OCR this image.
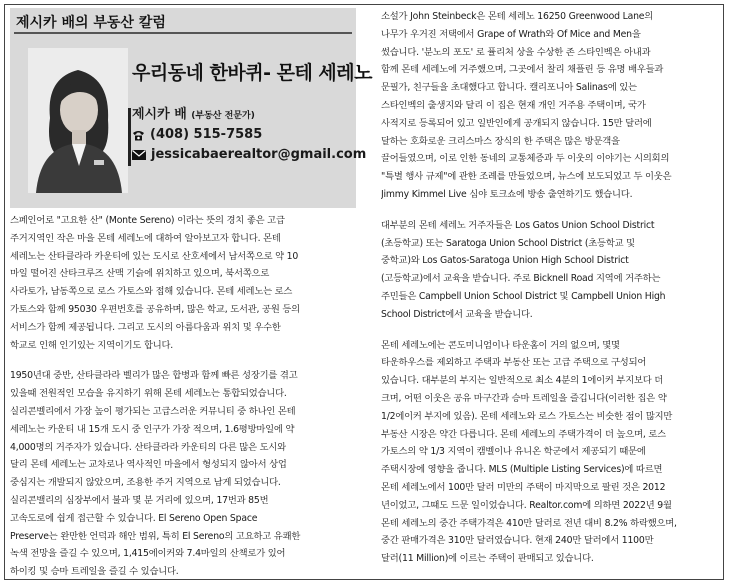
제시카 배의 부동산 칼럼
우리동네 한바퀴- 몬테 세레노
제시카 배 (부동산 전문가)
(408) 515-7585
jessicabaerealtor@gmail.com
스페인어로 "고요한 산" (Monte Sereno) 이라는 뜻의 경치 좋은 고급
주거지역인 작은 마을 몬테 세레노에 대하여 알아보고자 합니다. 몬테
세레노는 산타클라라 카운티에 있는 도시로 산호세에서 남서쪽으로 약 10
마일 떨어진 산타크루즈 산맥 기슭에 위치하고 있으며, 북서쪽으로
사라토가, 남동쪽으로 로스 가토스와 접해 있습니다. 몬테 세레노는 로스
가토스와 함께 95030 우편번호를 공유하며, 많은 학교, 도서관, 공원 등의
서비스가 함께 제공됩니다. 그리고 도시의 아름다움과 위치 및 우수한
학교로 인해 인기있는 지역이기도 합니다.
1950년대 중반, 산타클라라 벨리가 많은 합병과 함께 빠른 성장기를 겪고
있을때 전원적인 모습을 유지하기 위해 몬테 세레노는 통합되었습니다.
실리콘벨리에서 가장 높이 평가되는 고급스러운 커뮤니티 중 하나인 몬테
세레노는 카운티 내 15개 도시 중 인구가 가장 적으며, 1.6평방마일에 약
4,000명의 거주자가 있습니다. 산타클라라 카운티의 다른 많은 도시와
달리 몬테 세레노는 교차로나 역사적인 마을에서 형성되지 않아서 상업
중심지는 개발되지 않았으며, 조용한 주거 지역으로 남게 되었습니다.
실리콘밸리의 심장부에서 불과 몇 분 거리에 있으며, 17번과 85번
고속도로에 쉽게 접근할 수 있습니다. El Sereno Open Space
Preserve는 완만한 언덕과 해안 범위, 특히 El Sereno의 고요하고 유쾌한
녹색 전망을 즐길 수 있으며, 1,415에이커와 7.4마일의 산책로가 있어
하이킹 및 승마 트레일을 즐길 수 있습니다.
소설가 John Steinbeck은 몬테 세레노 16250 Greenwood Lane의
나무가 우거진 저택에서 Grape of Wrath와 Of Mice and Men을
썼습니다. '분노의 포도' 로 퓰리처 상을 수상한 존 스타인벡은 아내과
함께 몬테 세레노에 거주했으며, 그곳에서 찰리 채플린 등 유명 배우들과
문필가, 친구들을 초대했다고 합니다. 캘리포니아 Salinas에 있는
스타인벡의 출생지와 달리 이 집은 현재 개인 거주용 주택이며, 국가
사적지로 등록되어 있고 일반인에게 공개되지 않습니다. 15만 달러에
달하는 호화로운 크리스마스 장식의 한 주택은 많은 방문객을
끌어들였으며, 이로 인한 동네의 교통체증과 두 이웃의 이야기는 시의회의
"특별 행사 규제"에 관한 조례를 만들었으며, 뉴스에 보도되었고 두 이웃은
Jimmy Kimmel Live 심야 토크쇼에 방송 출연하기도 했습니다.
대부분의 몬테 세레노 거주자들은 Los Gatos Union School District
(초등학교) 또는 Saratoga Union School District (초등학교 및
중학교)와 Los Gatos-Saratoga Union High School District
(고등학교)에서 교육을 받습니다. 주로 Bicknell Road 지역에 거주하는
주민들은 Campbell Union School District 및 Campbell Union High
School District에서 교육을 받습니다.
몬테 세레노에는 콘도미니엄이나 타운홈이 거의 없으며, 몇몇
타운하우스를 제외하고 주택과 부동산 또는 고급 주택으로 구성되어
있습니다. 대부분의 부지는 일반적으로 최소 4분의 1에이커 부지보다 더
크며, 어떤 이웃은 공유 마구간과 승마 트레일을 즐깁니다(이러한 집은 약
1/2에이커 부지에 있음). 몬테 세레노와 로스 가토스는 비슷한 점이 많지만
부동산 시장은 약간 다릅니다. 몬테 세레노의 주택가격이 더 높으며, 로스
가토스의 약 1/3 지역이 캠벨이나 유니온 학군에서 제공되기 때문에
주택시장에 영향을 줍니다. MLS (Multiple Listing Services)에 따르면
몬테 세레노에서 100만 달러 미만의 주택이 마지막으로 팔린 것은 2012
년이었고, 그때도 드문 일이었습니다. Realtor.com에 의하면 2022년 9월
몬테 세레노의 중간 주택가격은 410만 달러로 전년 대비 8.2% 하락했으며,
중간 판매가격은 310만 달러였습니다. 현재 240만 달러에서 1100만
달러(11 Million)에 이르는 주택이 판매되고 있습니다.
